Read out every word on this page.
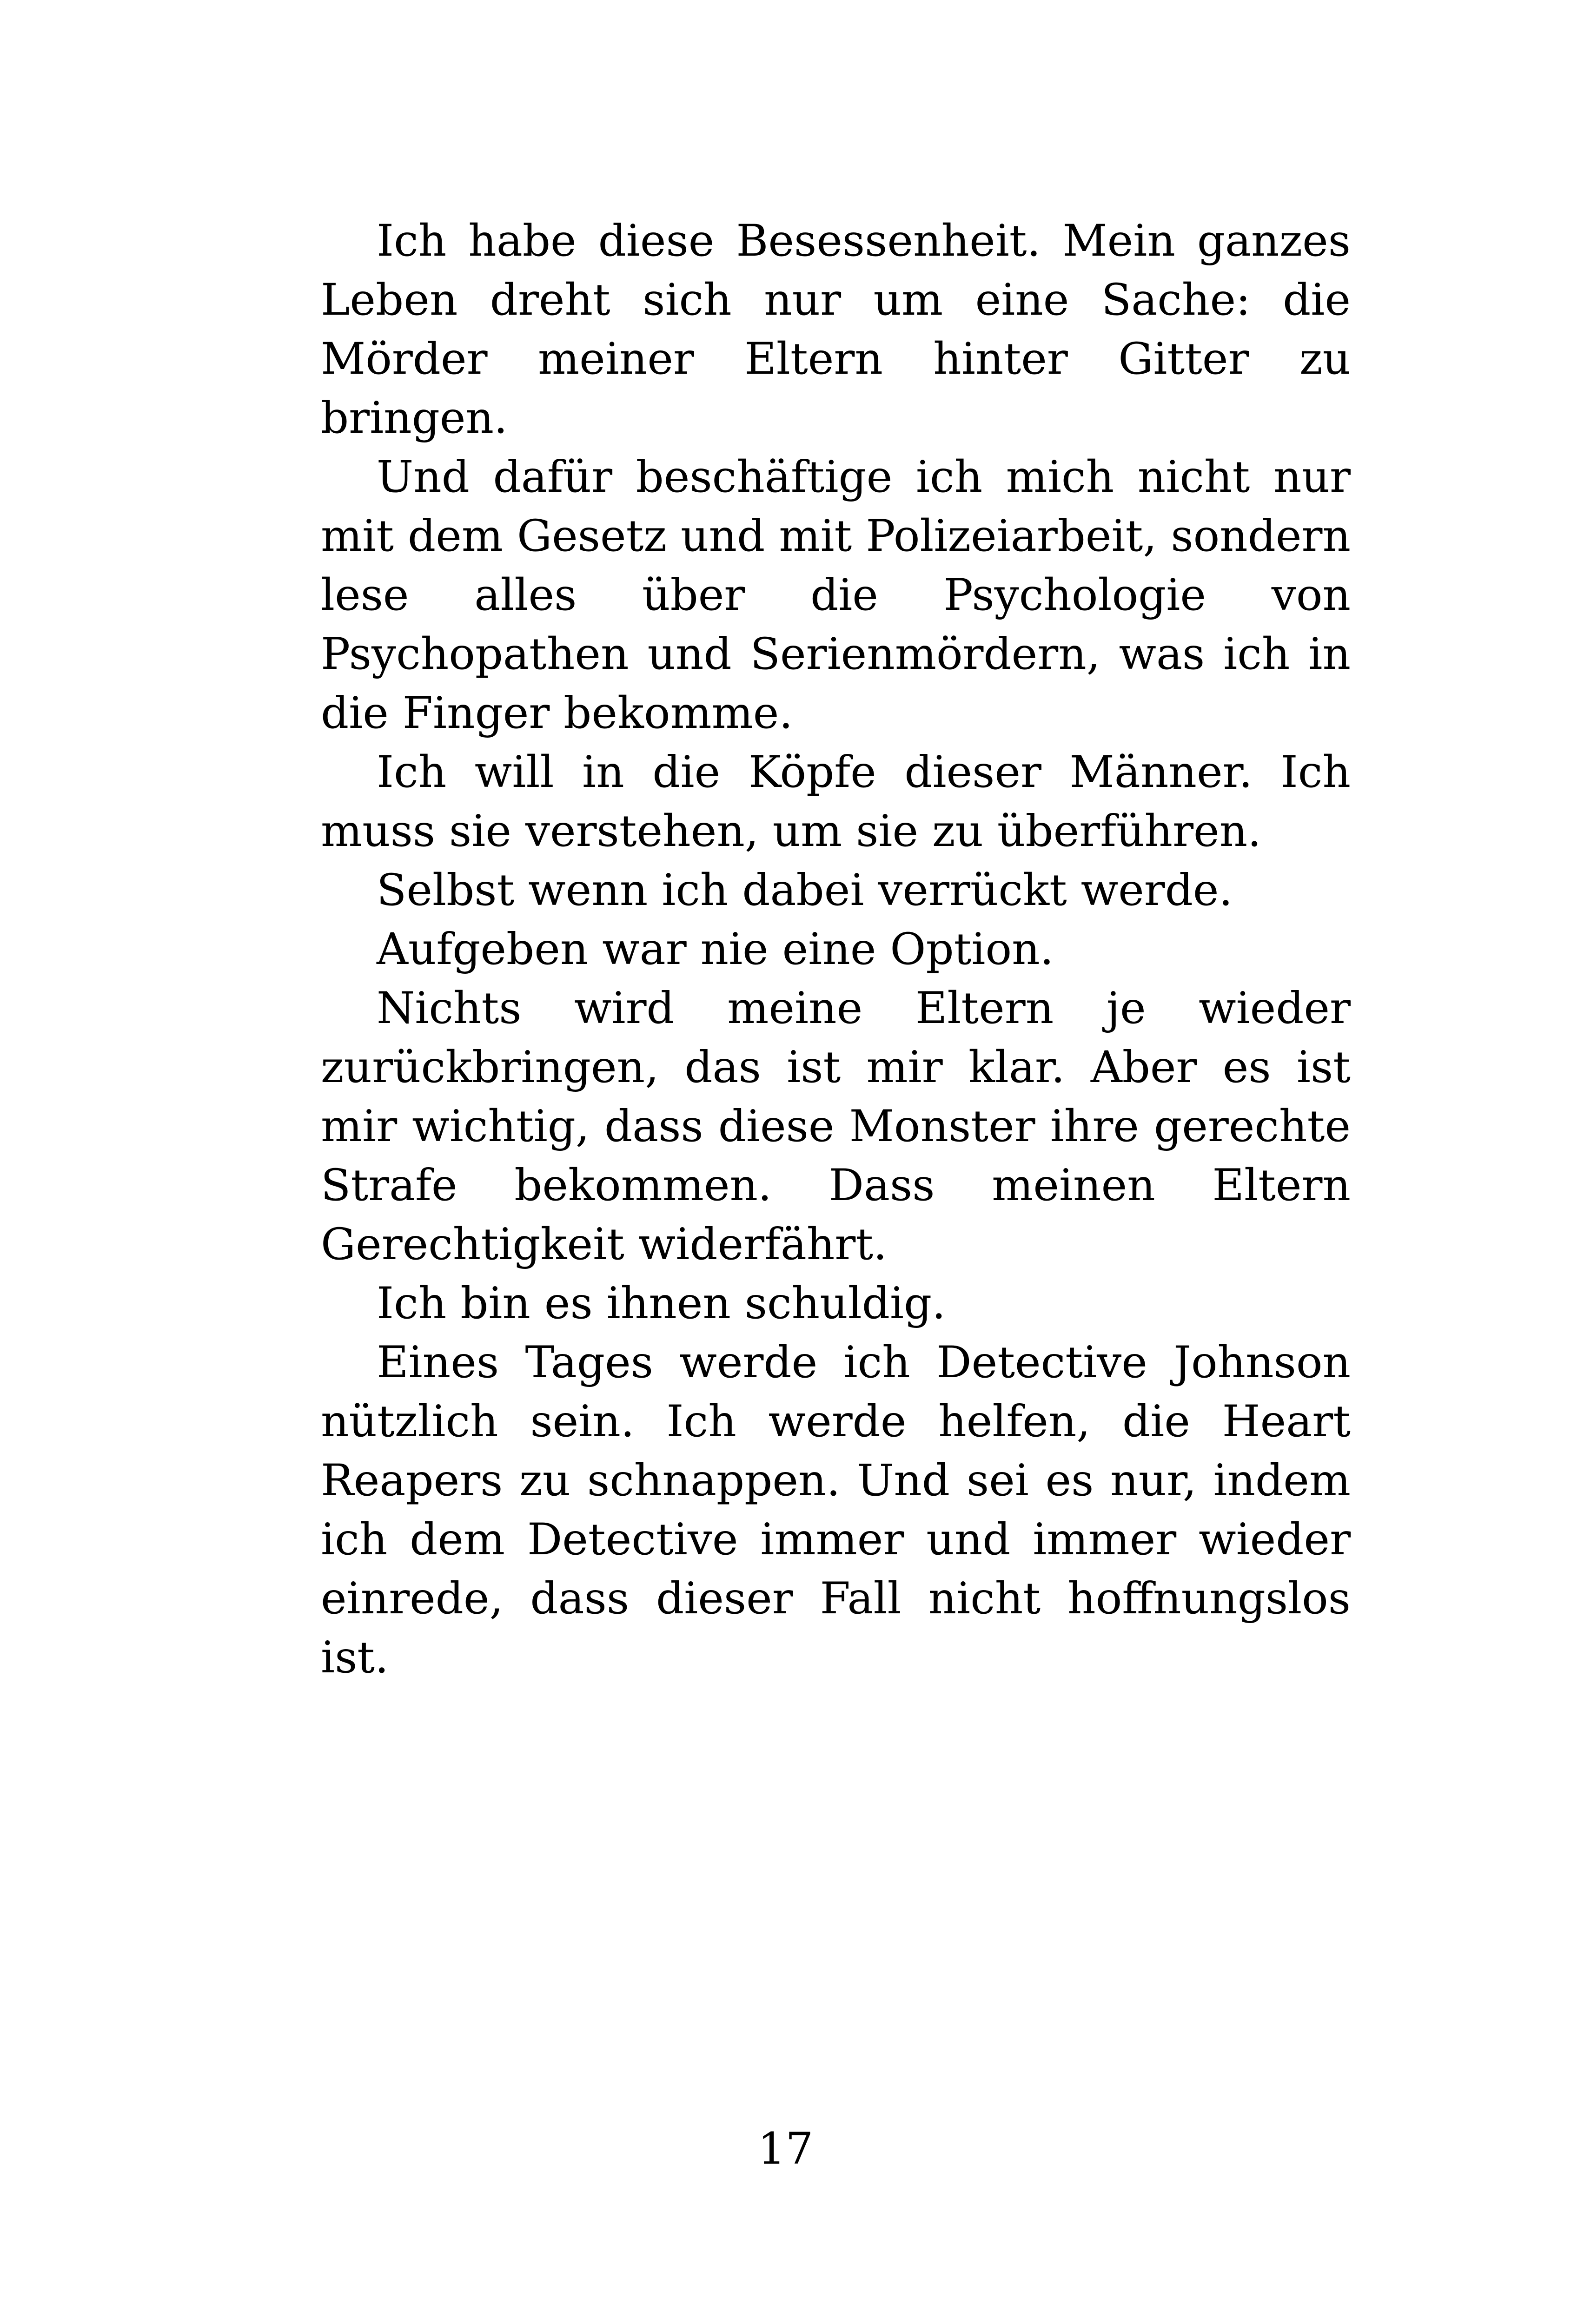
Ich habe diese Besessenheit. Mein ganzes Leben dreht sich nur um eine Sache: die Mörder meiner Eltern hinter Gitter zu bringen.

Und dafür beschäftige ich mich nicht nur mit dem Gesetz und mit Polizeiarbeit, sondern lese alles über die Psychologie von Psychopathen und Serienmördern, was ich in die Finger bekomme.

Ich will in die Köpfe dieser Männer. Ich muss sie verstehen, um sie zu überführen.

Selbst wenn ich dabei verrückt werde.

Aufgeben war nie eine Option.

Nichts wird meine Eltern je wieder zurückbringen, das ist mir klar. Aber es ist mir wichtig, dass diese Monster ihre gerechte Strafe bekommen. Dass meinen Eltern Gerechtigkeit widerfährt.

Ich bin es ihnen schuldig.

Eines Tages werde ich Detective Johnson nützlich sein. Ich werde helfen, die Heart Reapers zu schnappen. Und sei es nur, indem ich dem Detective immer und immer wieder einrede, dass dieser Fall nicht hoffnungslos ist.

17
